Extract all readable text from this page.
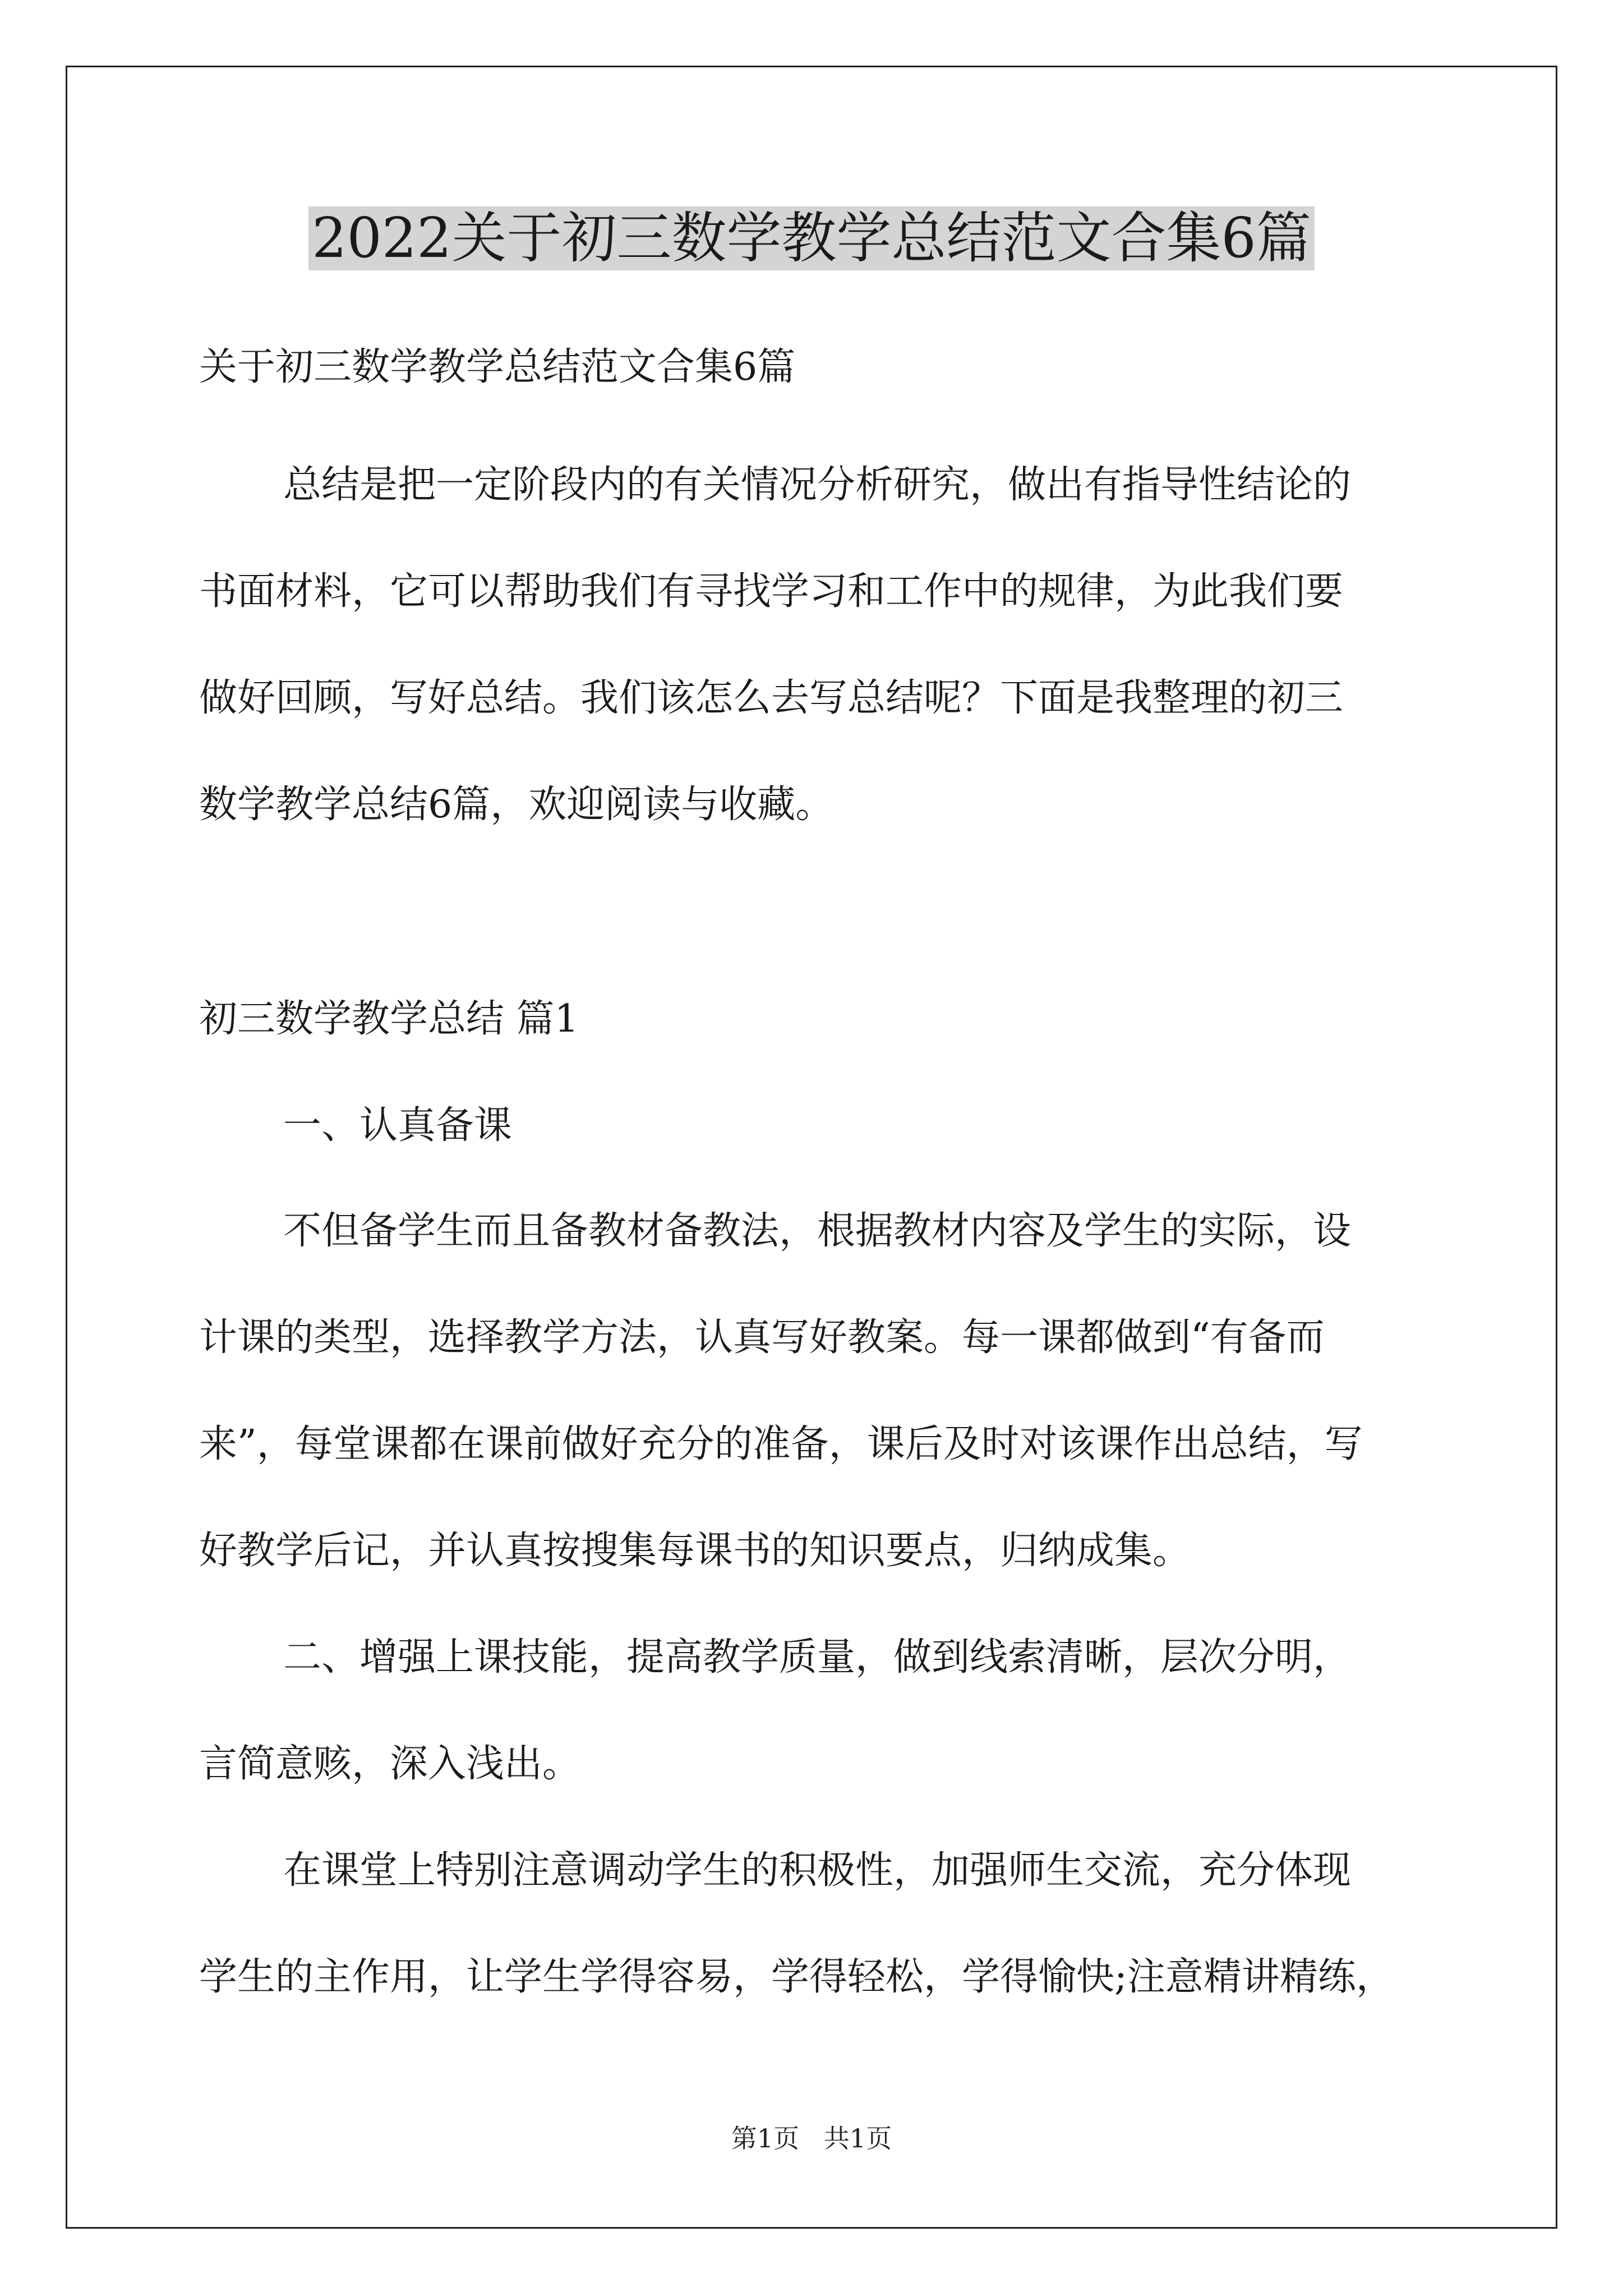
2022关于初三数学教学总结范文合集6篇
关于初三数学教学总结范文合集6篇
总结是把一定阶段内的有关情况分析研究，做出有指导性结论的
书面材料，它可以帮助我们有寻找学习和工作中的规律，为此我们要
做好回顾，写好总结。我们该怎么去写总结呢？下面是我整理的初三
数学教学总结6篇，欢迎阅读与收藏。
初三数学教学总结 篇1
一、认真备课
不但备学生而且备教材备教法，根据教材内容及学生的实际，设
计课的类型，选择教学方法，认真写好教案。每一课都做到“有备而
来”，每堂课都在课前做好充分的准备，课后及时对该课作出总结，写
好教学后记，并认真按搜集每课书的知识要点，归纳成集。
二、增强上课技能，提高教学质量，做到线索清晰，层次分明，
言简意赅，深入浅出。
在课堂上特别注意调动学生的积极性，加强师生交流，充分体现
学生的主作用，让学生学得容易，学得轻松，学得愉快;注意精讲精练，
第1页   共1页
